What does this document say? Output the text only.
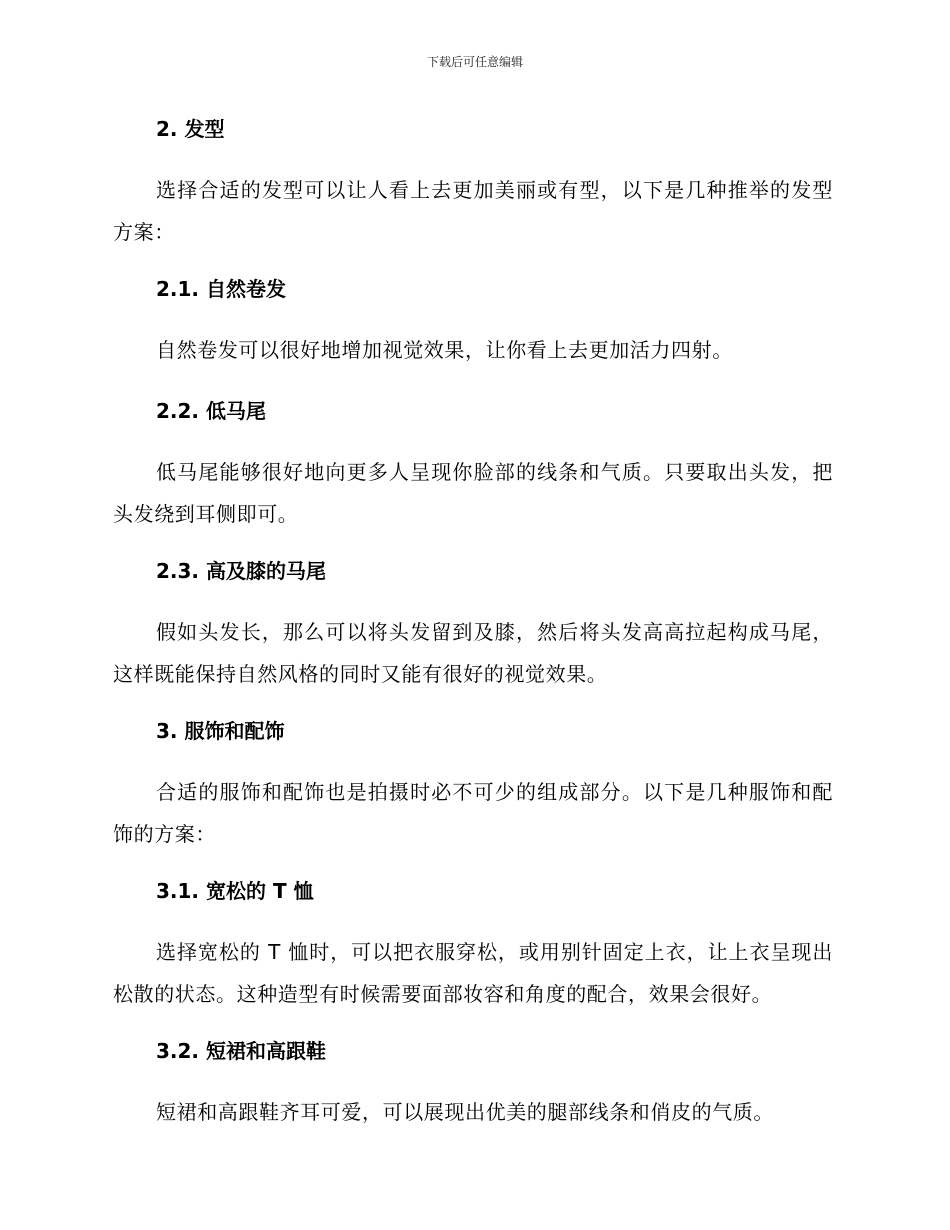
下载后可任意编辑
2. 发型

选择合适的发型可以让人看上去更加美丽或有型，以下是几种推举的发型方案：

2.1. 自然卷发

自然卷发可以很好地增加视觉效果，让你看上去更加活力四射。

2.2. 低马尾

低马尾能够很好地向更多人呈现你脸部的线条和气质。只要取出头发，把头发绕到耳侧即可。

2.3. 高及膝的马尾

假如头发长，那么可以将头发留到及膝，然后将头发高高拉起构成马尾，这样既能保持自然风格的同时又能有很好的视觉效果。

3. 服饰和配饰

合适的服饰和配饰也是拍摄时必不可少的组成部分。以下是几种服饰和配饰的方案：

3.1. 宽松的 T 恤

选择宽松的 T 恤时，可以把衣服穿松，或用别针固定上衣，让上衣呈现出松散的状态。这种造型有时候需要面部妆容和角度的配合，效果会很好。

3.2. 短裙和高跟鞋

短裙和高跟鞋齐耳可爱，可以展现出优美的腿部线条和俏皮的气质。
